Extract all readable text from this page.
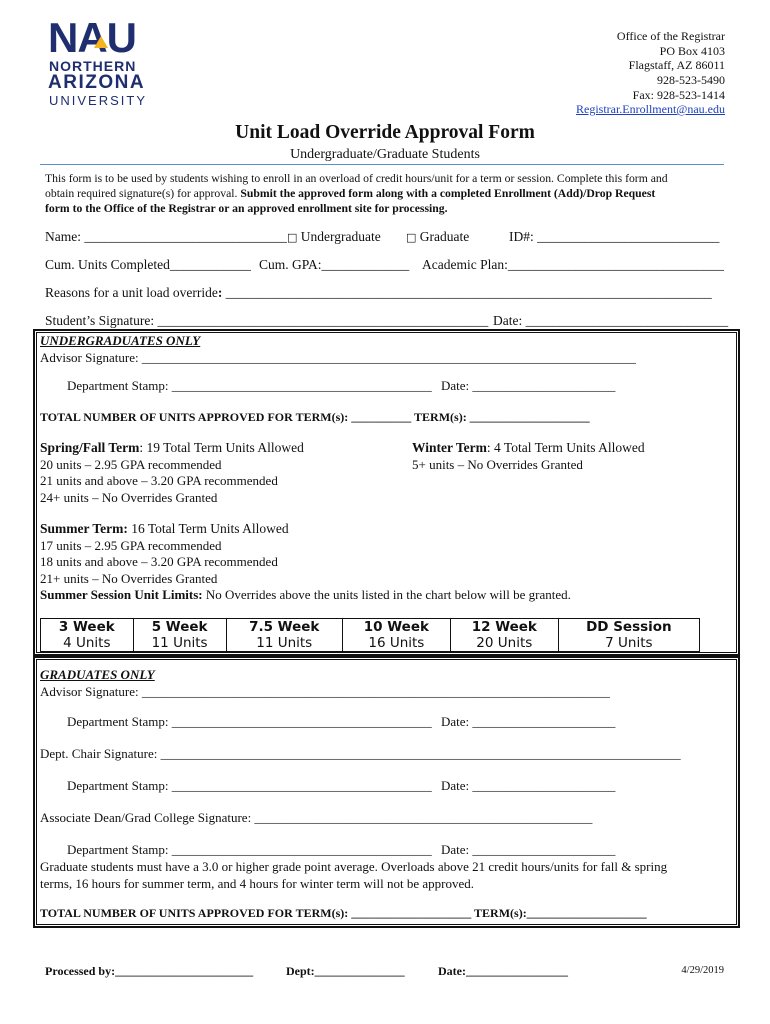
NAU
NORTHERN
ARIZONA
UNIVERSITY
Office of the Registrar
PO Box 4103
Flagstaff, AZ 86011
928-523-5490
Fax: 928-523-1414
Registrar.Enrollment@nau.edu
Unit Load Override Approval Form
Undergraduate/Graduate Students
This form is to be used by students wishing to enroll in an overload of credit hours/unit for a term or session. Complete this form and
obtain required signature(s) for approval. Submit the approved form along with a completed Enrollment (Add)/Drop Request
form to the Office of the Registrar or an approved enrollment site for processing.
Name: ______________________________ □ Undergraduate □ Graduate	ID#: ___________________________
Cum. Units Completed____________ Cum. GPA:_____________ Academic Plan:________________________________
Reasons for a unit load override: ________________________________________________________________________
Student’s Signature: _________________________________________________ Date: ______________________________
UNDERGRADUATES ONLY
Advisor Signature: ____________________________________________________________________________
Department Stamp: ________________________________________ Date: ______________________
TOTAL NUMBER OF UNITS APPROVED FOR TERM(s): __________ TERM(s): ____________________
Spring/Fall Term: 19 Total Term Units Allowed
20 units – 2.95 GPA recommended
21 units and above – 3.20 GPA recommended
24+ units – No Overrides Granted
Winter Term: 4 Total Term Units Allowed
5+ units – No Overrides Granted
Summer Term: 16 Total Term Units Allowed
17 units – 2.95 GPA recommended
18 units and above – 3.20 GPA recommended
21+ units – No Overrides Granted
Summer Session Unit Limits: No Overrides above the units listed in the chart below will be granted.
3 Week	5 Week	7.5 Week	10 Week	12 Week	DD Session
4 Units	11 Units	11 Units	16 Units	20 Units	7 Units
GRADUATES ONLY
Advisor Signature: ________________________________________________________________________
Department Stamp: ________________________________________ Date: ______________________
Dept. Chair Signature: ________________________________________________________________________________
Department Stamp: ________________________________________ Date: ______________________
Associate Dean/Grad College Signature: ____________________________________________________
Department Stamp: ________________________________________ Date: ______________________
Graduate students must have a 3.0 or higher grade point average. Overloads above 21 credit hours/units for fall & spring
terms, 16 hours for summer term, and 4 hours for winter term will not be approved.
TOTAL NUMBER OF UNITS APPROVED FOR TERM(s): ____________________ TERM(s):____________________
Processed by:_______________________	Dept:_______________	Date:_________________	4/29/2019
